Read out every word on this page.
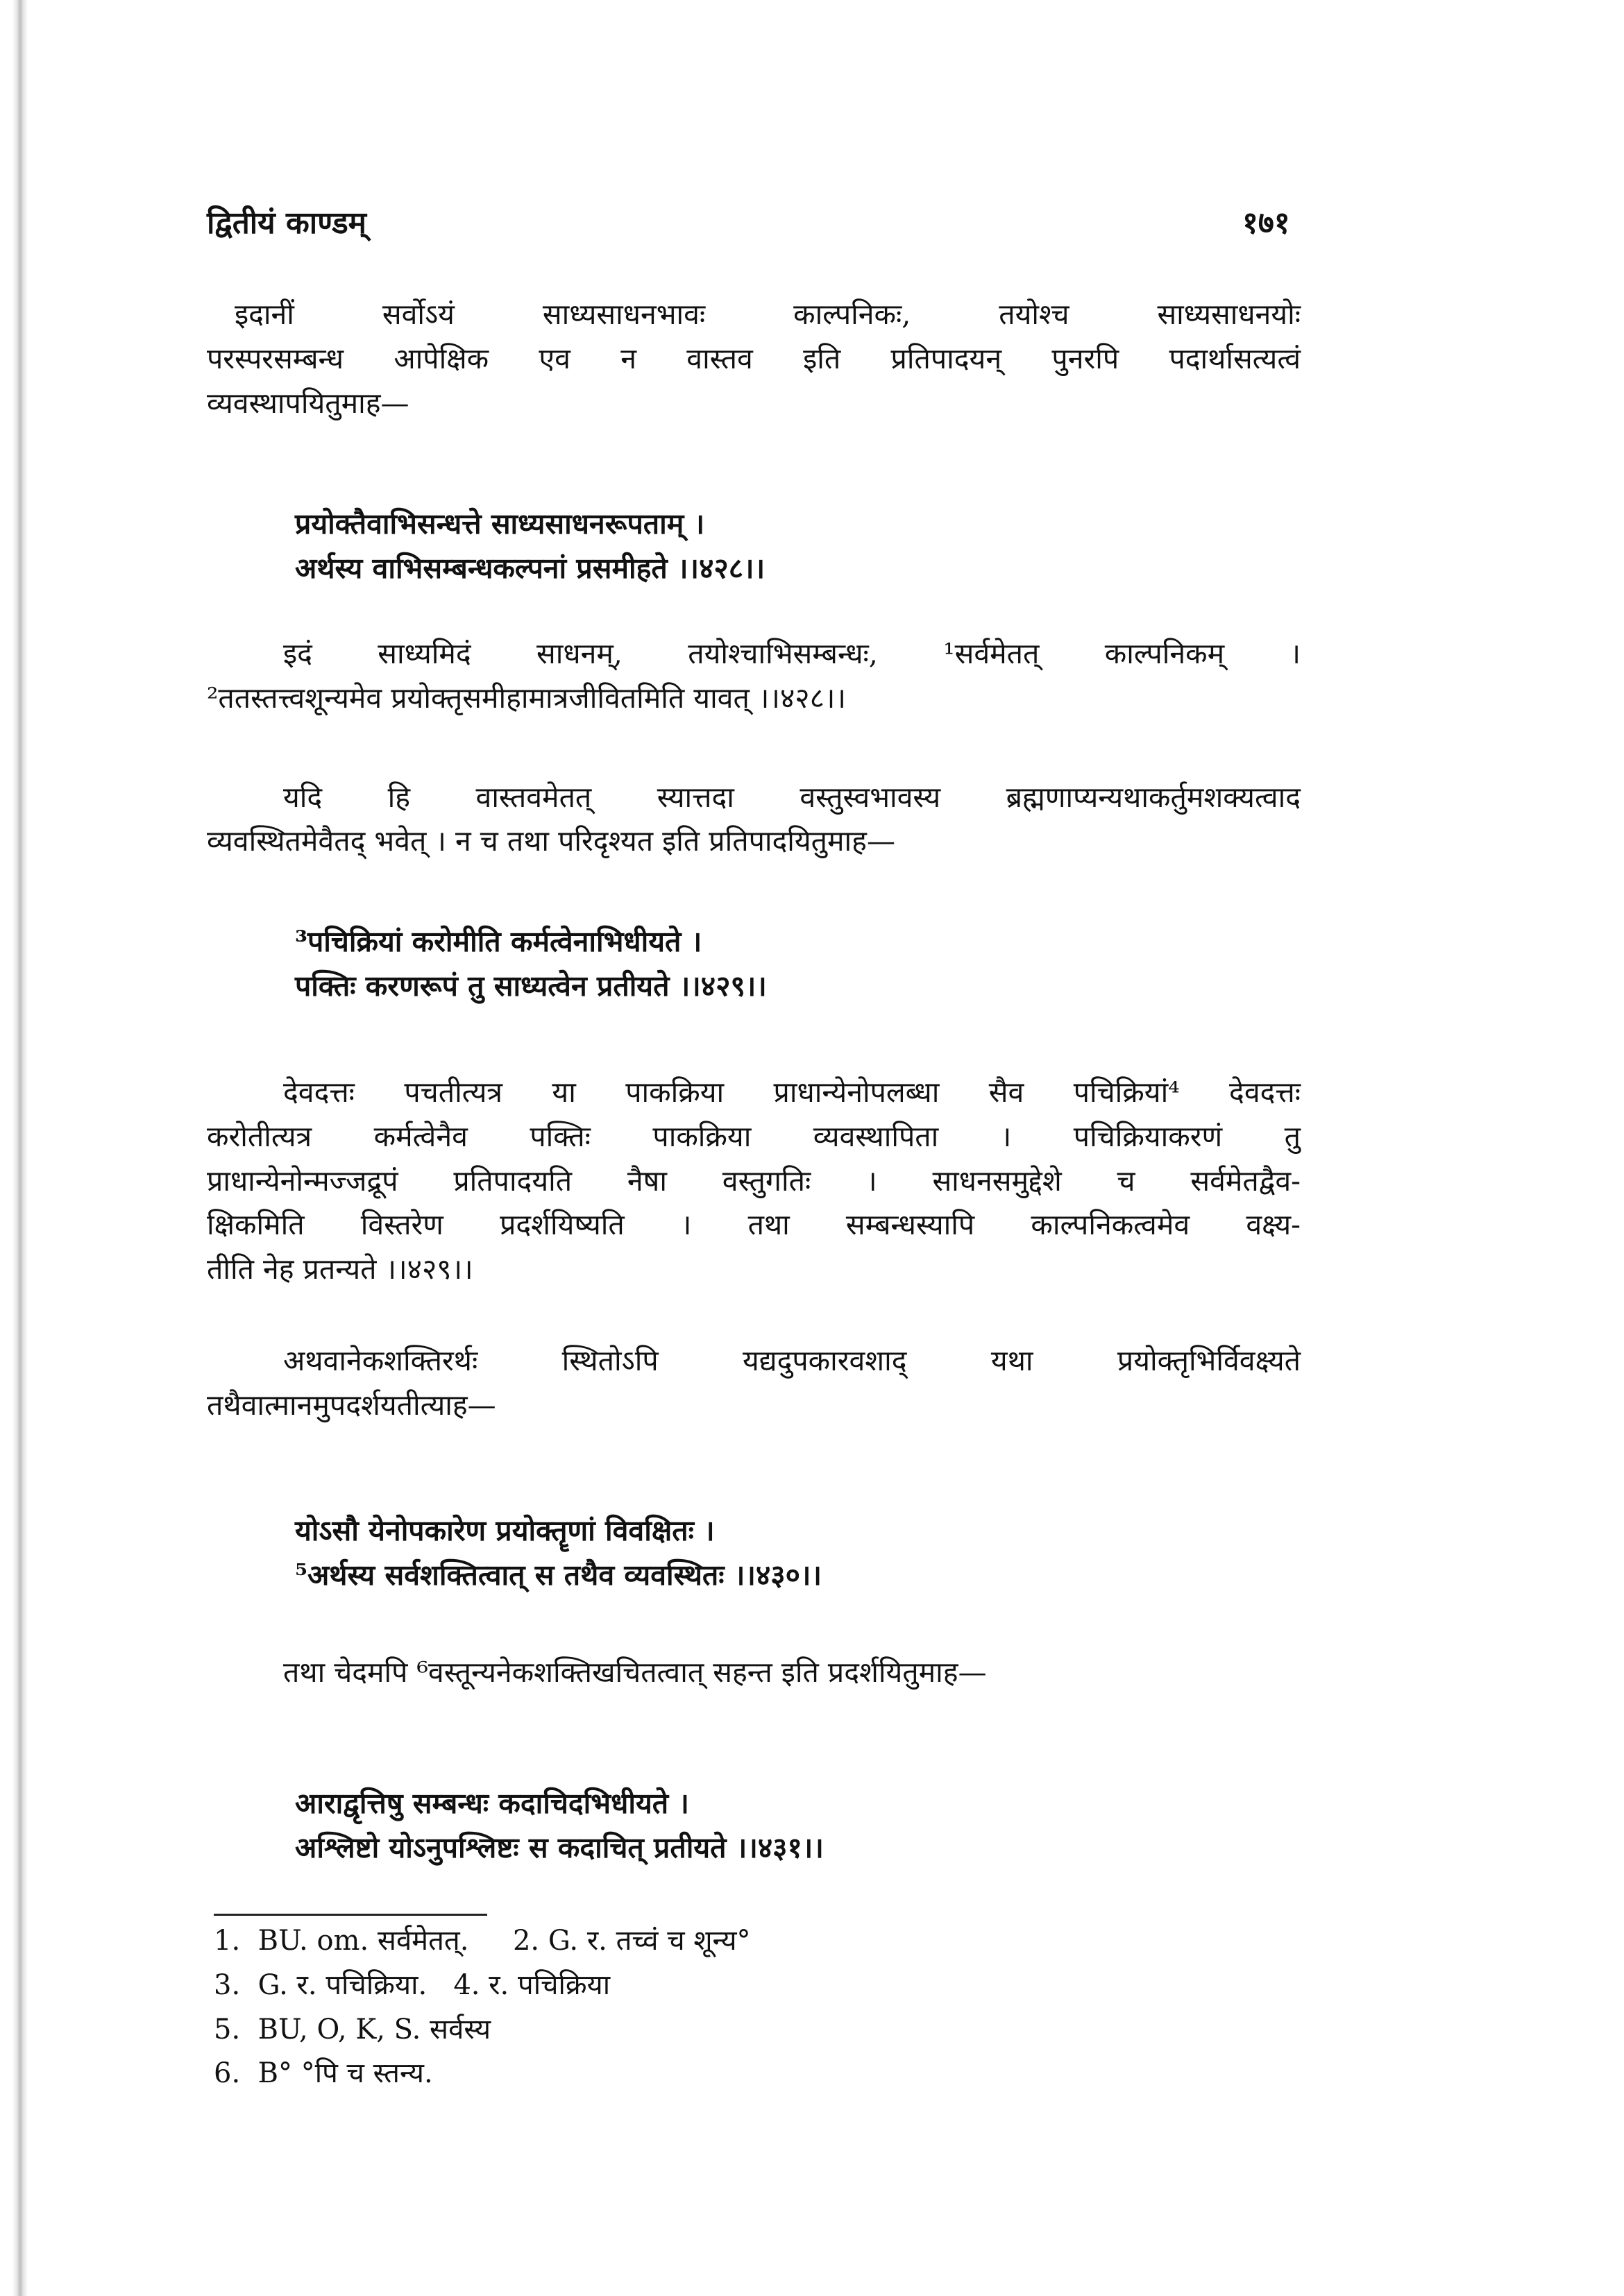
द्वितीयं काण्डम्	१७१
इदानीं सर्वोऽयं साध्यसाधनभावः काल्पनिकः, तयोश्च साध्यसाधनयोः
परस्परसम्बन्ध आपेक्षिक एव न वास्तव इति प्रतिपादयन् पुनरपि पदार्थासत्यत्वं
व्यवस्थापयितुमाह—
प्रयोक्तैवाभिसन्धत्ते साध्यसाधनरूपताम् ।
अर्थस्य वाभिसम्बन्धकल्पनां प्रसमीहते ।।४२८।।
इदं साध्यमिदं साधनम्, तयोश्चाभिसम्बन्धः, ¹सर्वमेतत् काल्पनिकम् ।
²ततस्तत्त्वशून्यमेव प्रयोक्तृसमीहामात्रजीवितमिति यावत् ।।४२८।।
यदि हि वास्तवमेतत् स्यात्तदा वस्तुस्वभावस्य ब्रह्मणाप्यन्यथाकर्तुमशक्यत्वाद
व्यवस्थितमेवैतद् भवेत् । न च तथा परिदृश्यत इति प्रतिपादयितुमाह—
³पचिक्रियां करोमीति कर्मत्वेनाभिधीयते ।
पक्तिः करणरूपं तु साध्यत्वेन प्रतीयते ।।४२९।।
देवदत्तः पचतीत्यत्र या पाकक्रिया प्राधान्येनोपलब्धा सैव पचिक्रियां⁴ देवदत्तः
करोतीत्यत्र कर्मत्वेनैव पक्तिः पाकक्रिया व्यवस्थापिता । पचिक्रियाकरणं तु
प्राधान्येनोन्मज्जद्रूपं प्रतिपादयति नैषा वस्तुगतिः । साधनसमुद्देशे च सर्वमेतद्वैव-
क्षिकमिति विस्तरेण प्रदर्शयिष्यति । तथा सम्बन्धस्यापि काल्पनिकत्वमेव वक्ष्य-
तीति नेह प्रतन्यते ।।४२९।।
अथवानेकशक्तिरर्थः स्थितोऽपि यद्यदुपकारवशाद् यथा प्रयोक्तृभिर्विवक्ष्यते
तथैवात्मानमुपदर्शयतीत्याह—
योऽसौ येनोपकारेण प्रयोक्तॄणां विवक्षितः ।
⁵अर्थस्य सर्वशक्तित्वात् स तथैव व्यवस्थितः ।।४३०।।
तथा चेदमपि ⁶वस्तून्यनेकशक्तिखचितत्वात् सहन्त इति प्रदर्शयितुमाह—
आराद्वृत्तिषु सम्बन्धः कदाचिदभिधीयते ।
अश्लिष्टो योऽनुपश्लिष्टः स कदाचित् प्रतीयते ।।४३१।।
1.  BU. om. सर्वमेतत्.     2. G. र. तच्वं च शून्य°
3.  G. र. पचिक्रिया.   4. र. पचिक्रिया
5.  BU, O, K, S. सर्वस्य
6.  B° °पि च स्तन्य.
